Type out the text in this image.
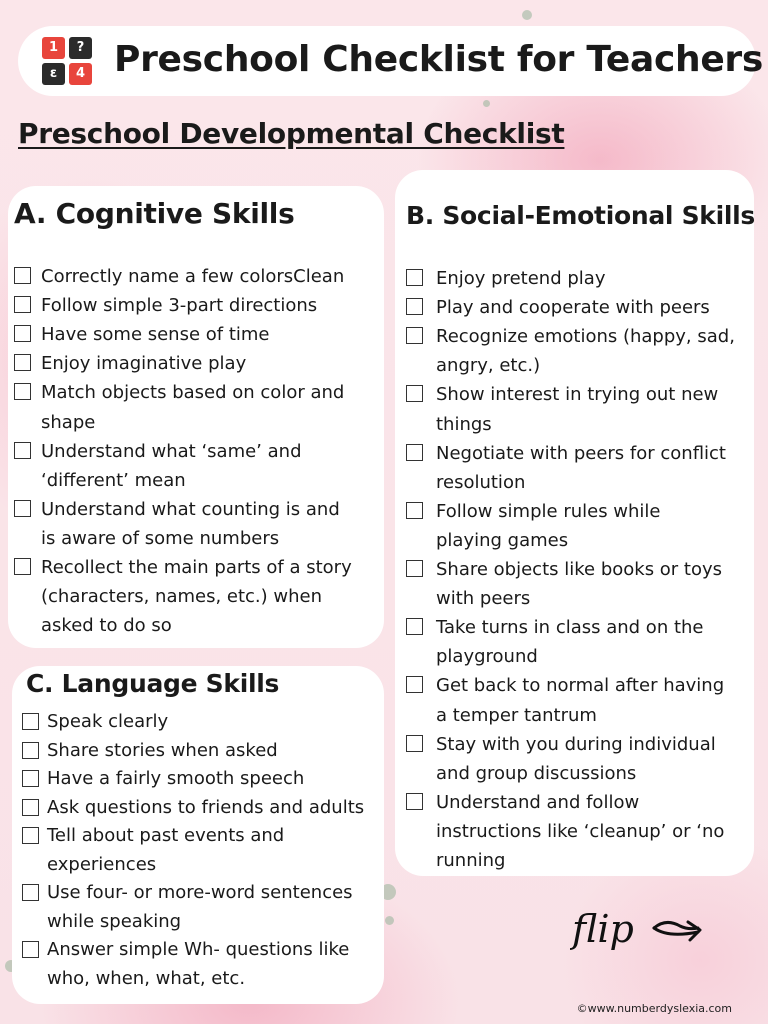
1	?
ε	4 Preschool Checklist for Teachers
Preschool Developmental Checklist
A. Cognitive Skills
Correctly name a few colorsClean
Follow simple 3-part directions
Have some sense of time
Enjoy imaginative play
Match objects based on color and
shape
Understand what ‘same’ and
‘different’ mean
Understand what counting is and
is aware of some numbers
Recollect the main parts of a story
(characters, names, etc.) when
asked to do so
B. Social-Emotional Skills
Enjoy pretend play
Play and cooperate with peers
Recognize emotions (happy, sad,
angry, etc.)
Show interest in trying out new
things
Negotiate with peers for conflict
resolution
Follow simple rules while
playing games
Share objects like books or toys
with peers
Take turns in class and on the
playground
Get back to normal after having
a temper tantrum
Stay with you during individual
and group discussions
Understand and follow
instructions like ‘cleanup’ or ‘no
running
C. Language Skills
Speak clearly
Share stories when asked
Have a fairly smooth speech
Ask questions to friends and adults
Tell about past events and
experiences
Use four- or more-word sentences
while speaking
Answer simple Wh- questions like
who, when, what, etc.
flip
©www.numberdyslexia.com
